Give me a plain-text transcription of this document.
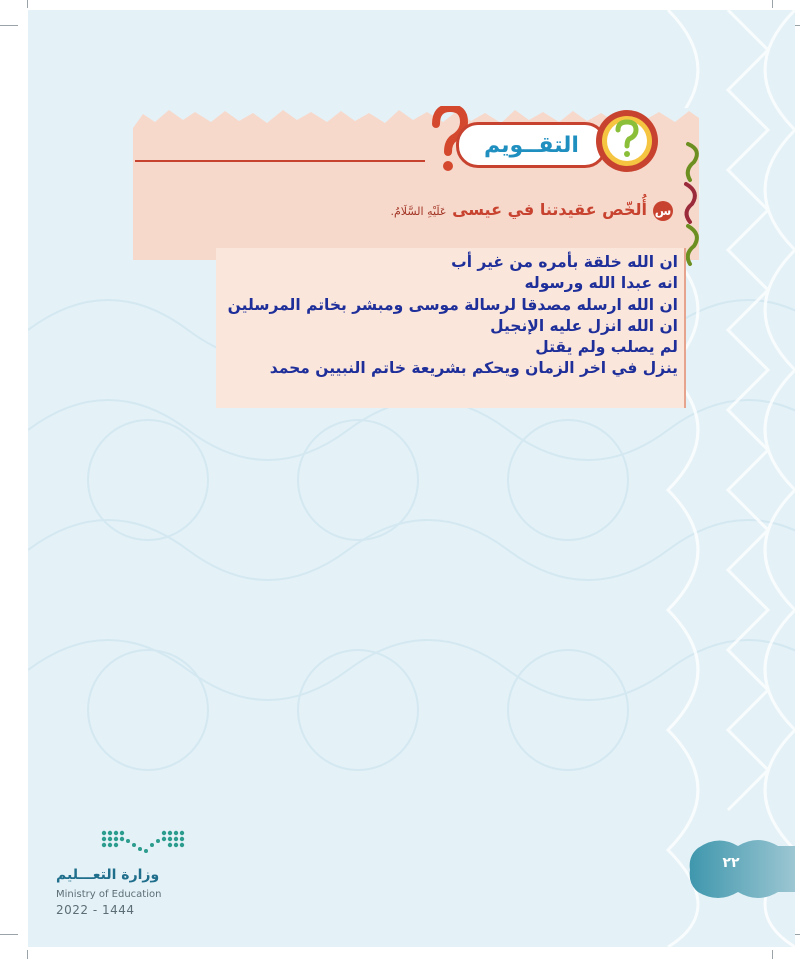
التقــويم
سأُلخّص عقيدتنا في عيسى عَلَيْهِ السَّلَامُ.
ان الله خلقة بأمره من غير أب
انه عبدا الله ورسوله
ان الله ارسله مصدقا لرسالة موسى ومبشر بخاتم المرسلين
ان الله انزل عليه الإنجيل
لم يصلب ولم يقتل
ينزل في اخر الزمان ويحكم بشريعة خاتم النبيين محمد
٢٢
وزارة التعـــليم
Ministry of Education
2022 - 1444
